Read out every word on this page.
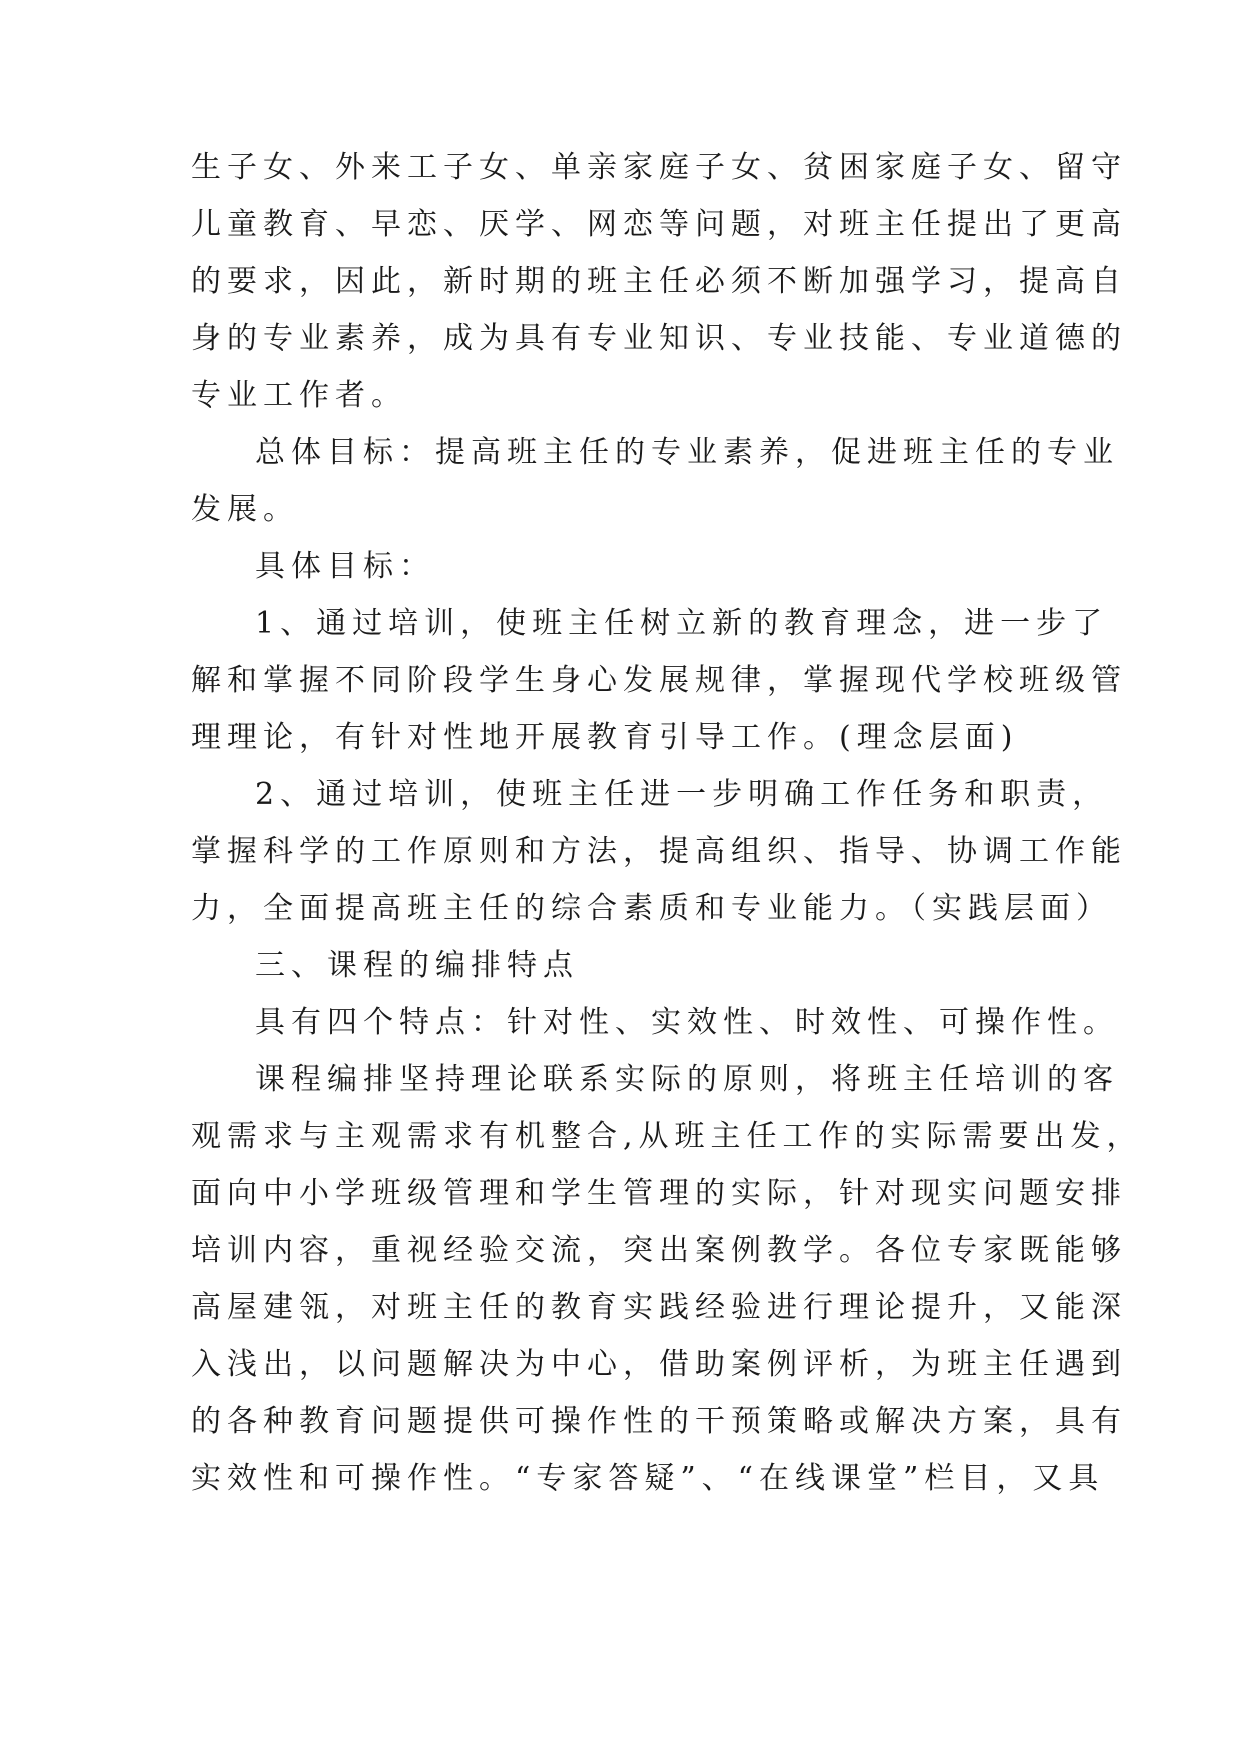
生子女、外来工子女、单亲家庭子女、贫困家庭子女、留守
儿童教育、早恋、厌学、网恋等问题，对班主任提出了更高
的要求，因此，新时期的班主任必须不断加强学习，提高自
身的专业素养，成为具有专业知识、专业技能、专业道德的
专业工作者。
总体目标：提高班主任的专业素养，促进班主任的专业
发展。
具体目标：
1、通过培训，使班主任树立新的教育理念，进一步了
解和掌握不同阶段学生身心发展规律，掌握现代学校班级管
理理论，有针对性地开展教育引导工作。(理念层面)
2、通过培训，使班主任进一步明确工作任务和职责，
掌握科学的工作原则和方法，提高组织、指导、协调工作能
力，全面提高班主任的综合素质和专业能力。（实践层面）
三、课程的编排特点
具有四个特点：针对性、实效性、时效性、可操作性。
课程编排坚持理论联系实际的原则，将班主任培训的客
观需求与主观需求有机整合,从班主任工作的实际需要出发，
面向中小学班级管理和学生管理的实际，针对现实问题安排
培训内容，重视经验交流，突出案例教学。各位专家既能够
高屋建瓴，对班主任的教育实践经验进行理论提升，又能深
入浅出，以问题解决为中心，借助案例评析，为班主任遇到
的各种教育问题提供可操作性的干预策略或解决方案，具有
实效性和可操作性。“专家答疑”、“在线课堂”栏目，又具
